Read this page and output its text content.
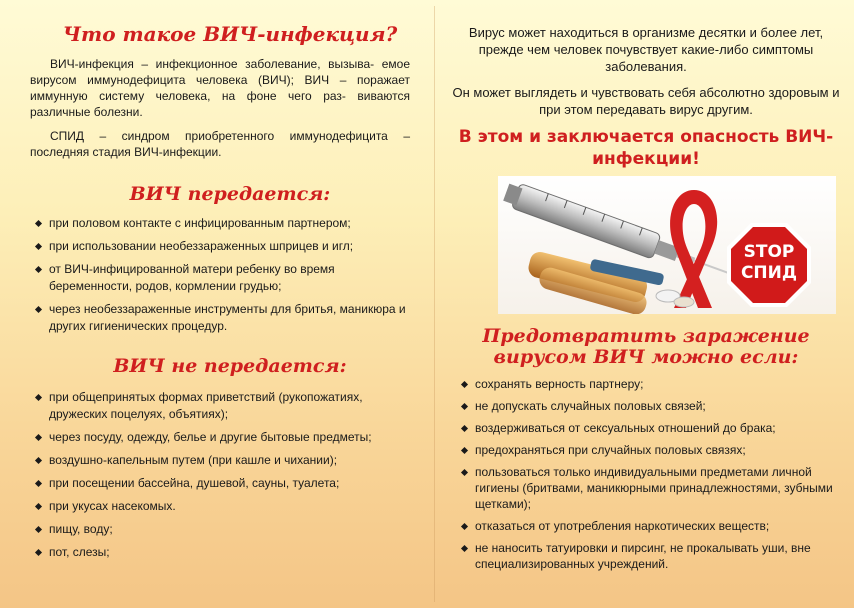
Что такое ВИЧ-инфекция?

ВИЧ-инфекция – инфекционное заболевание, вызыва- емое вирусом иммунодефицита человека (ВИЧ); ВИЧ – поражает иммунную систему человека, на фоне чего раз- виваются различные болезни.

СПИД – синдром приобретенного иммунодефицита – последняя стадия ВИЧ-инфекции.

ВИЧ передается:
при половом контакте с инфицированным партнером;
при использовании необеззараженных шприцев и игл;
от ВИЧ-инфицированной матери ребенку во время беременности, родов, кормлении грудью;
через необеззараженные инструменты для бритья, маникюра и других гигиенических процедур.
ВИЧ не передается:
при общепринятых формах приветствий (рукопожатиях, дружеских поцелуях, объятиях);
через посуду, одежду, белье и другие бытовые предметы;
воздушно-капельным путем (при кашле и чихании);
при посещении бассейна, душевой, сауны, туалета;
при укусах насекомых.
пищу, воду;
пот, слезы;

Вирус может находиться в организме десятки и более лет, прежде чем человек почувствует какие-либо симптомы заболевания.

Он может выглядеть и чувствовать себя абсолютно здоровым и при этом передавать вирус другим.

В этом и заключается опасность ВИЧ-инфекции!
STOP
СПИД
Предотвратить заражение вирусом ВИЧ можно если:
сохранять верность партнеру;
не допускать случайных половых связей;
воздерживаться от сексуальных отношений до брака;
предохраняться при случайных половых связях;
пользоваться только индивидуальными предметами личной гигиены (бритвами, маникюрными принадлежностями, зубными щетками);
отказаться от употребления наркотических веществ;
не наносить татуировки и пирсинг, не прокалывать уши, вне специализированных учреждений.
